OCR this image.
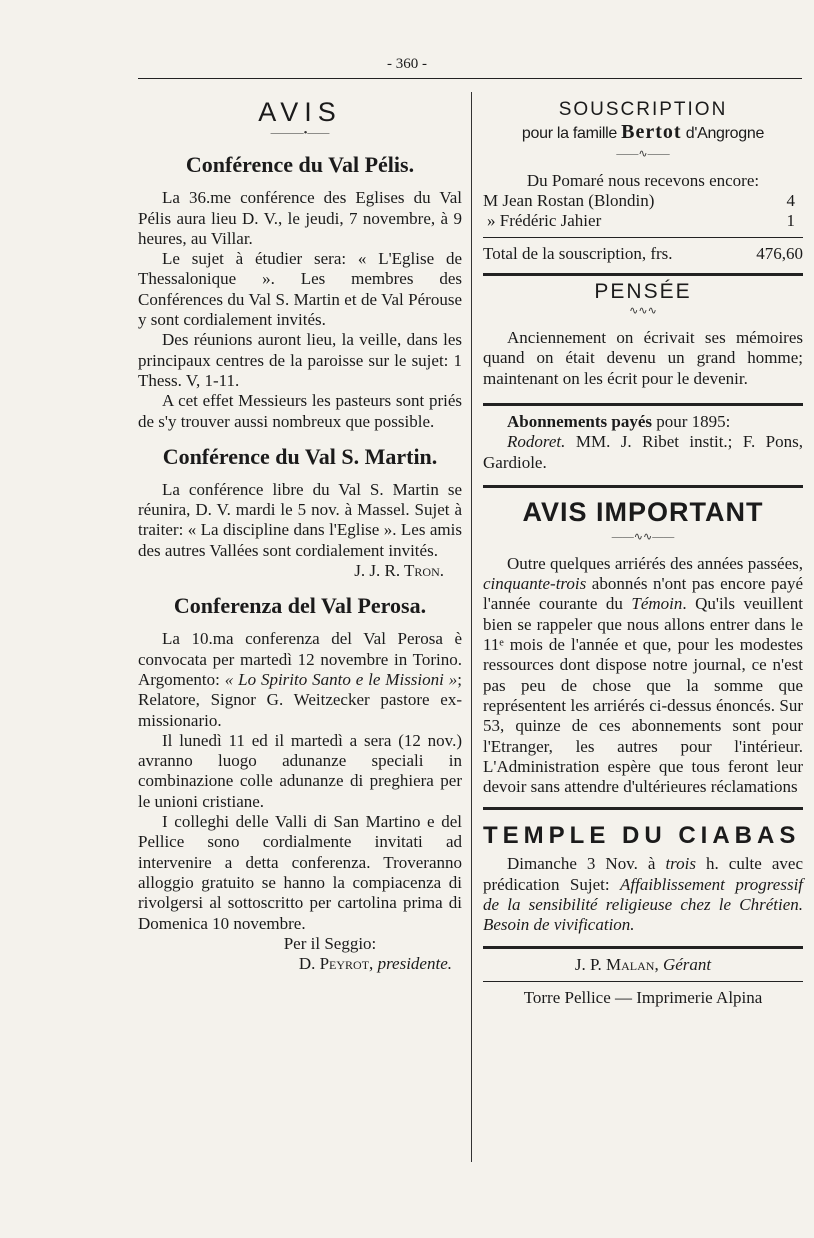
- 360 -
AVIS
———•——
Conférence du Val Pélis.

La 36.me conférence des Eglises du Val Pélis aura lieu D. V., le jeudi, 7 novembre, à 9 heures, au Villar.

Le sujet à étudier sera: « L'Eglise de Thessalonique ». Les membres des Conférences du Val S. Martin et de Val Pérouse y sont cordialement invités.

Des réunions auront lieu, la veille, dans les principaux centres de la paroisse sur le sujet: 1 Thess. V, 1-11.

A cet effet Messieurs les pasteurs sont priés de s'y trouver aussi nombreux que possible.

Conférence du Val S. Martin.

La conférence libre du Val S. Martin se réunira, D. V. mardi le 5 nov. à Massel. Sujet à traiter: « La discipline dans l'Eglise ». Les amis des autres Vallées sont cordialement invités.

J. J. R. Tron.

Conferenza del Val Perosa.

La 10.ma conferenza del Val Perosa è convocata per martedì 12 novembre in Torino. Argomento: « Lo Spirito Santo e le Missioni »; Relatore, Signor G. Weitzecker pastore ex-missionario.

Il lunedì 11 ed il martedì a sera (12 nov.) avranno luogo adunanze speciali in combinazione colle adunanze di preghiera per le unioni cristiane.

I colleghi delle Valli di San Martino e del Pellice sono cordialmente invitati ad intervenire a detta conferenza. Troveranno alloggio gratuito se hanno la compiacenza di rivolgersi al sottoscritto per cartolina prima di Domenica 10 novembre.

Per il Seggio:

D. Peyrot, presidente.

SOUSCRIPTION
pour la famille Bertot d'Angrogne
——∿——

Du Pomaré nous recevons encore:

M Jean Rostan (Blondin)	4
» Frédéric Jahier	1
Total de la souscription, frs.	476,60
PENSÉE
∿∿∿

Anciennement on écrivait ses mémoires quand on était devenu un grand homme; maintenant on les écrit pour le devenir.

Abonnements payés pour 1895:

Rodoret. MM. J. Ribet instit.; F. Pons, Gardiole.

AVIS IMPORTANT
——∿∿——

Outre quelques arriérés des années passées, cinquante-trois abonnés n'ont pas encore payé l'année courante du Témoin. Qu'ils veuillent bien se rappeler que nous allons entrer dans le 11ᵉ mois de l'année et que, pour les modestes ressources dont dispose notre journal, ce n'est pas peu de chose que la somme que représentent les arriérés ci-dessus énoncés. Sur 53, quinze de ces abonnements sont pour l'Etranger, les autres pour l'intérieur. L'Administration espère que tous feront leur devoir sans attendre d'ultérieures réclamations

TEMPLE DU CIABAS

Dimanche 3 Nov. à trois h. culte avec prédication Sujet: Affaiblissement progressif de la sensibilité religieuse chez le Chrétien. Besoin de vivification.

J. P. Malan, Gérant

Torre Pellice — Imprimerie Alpina
